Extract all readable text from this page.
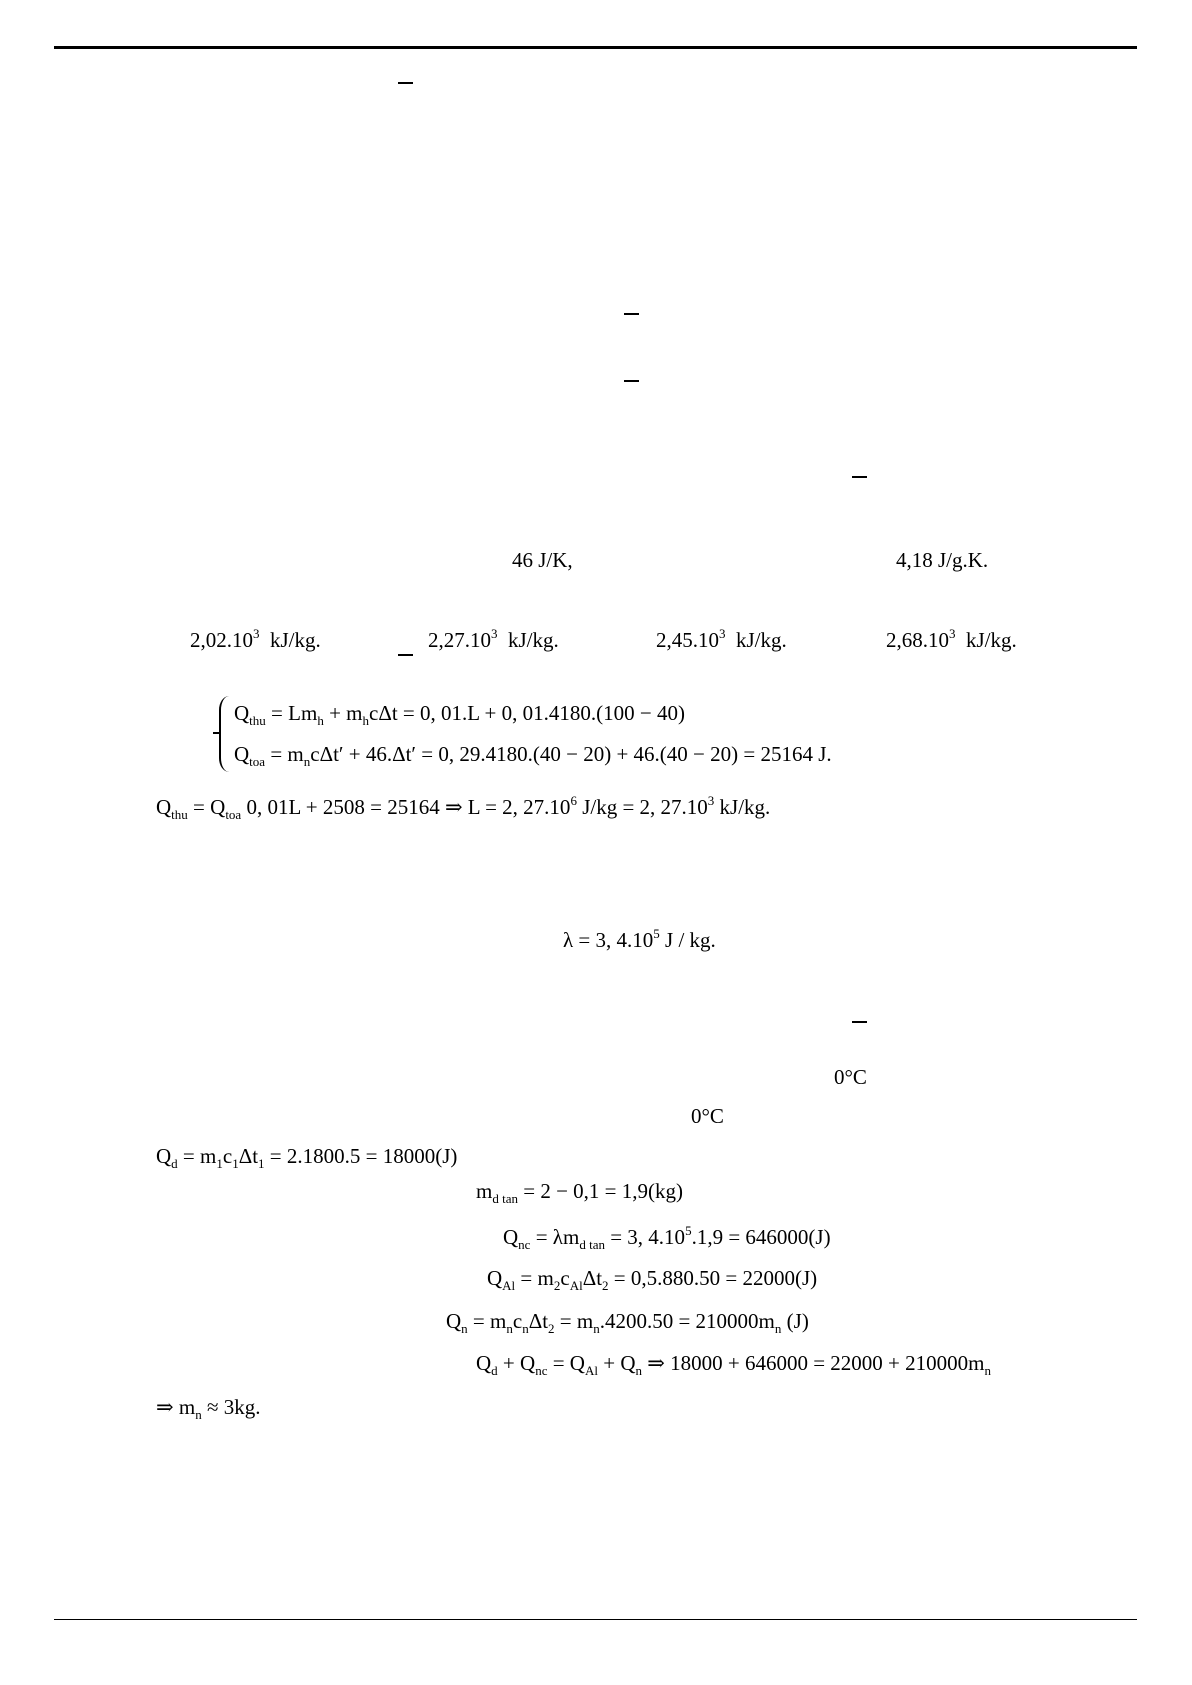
46 J/K,	4,18 J/g.K.
2,02.10$^3$ kJ/kg.	2,27.10$^3$ kJ/kg.	2,45.10$^3$ kJ/kg.	2,68.10$^3$ kJ/kg.
$Q_{thu} = Lm_h + m_hc\Delta t = 0$, 01.L + 0, 01.4180.(100 − 40)
$Q_{toa} = m_nc\Delta t' + 46.\Delta t' = 0$, 29.4180.(40 − 20) + 46.(40 − 20) = 25164 J.
$Q_{thu} = Q_{toa}$ 0, 01L + 2508 = 25164 ⇒ L = 2, 27.10$^6$ J/kg = 2, 27.10$^3$ kJ/kg.
λ = 3, 4.10$^5$ J / kg.
0°C
0°C
$Q_d = m_1c_1\Delta t_1 = 2.1800.5 = 18000(J)$
$m_{d tan} = 2 - 0,1 = 1,9(kg)$
$Q_{nc} = \lambda m_{d tan} = 3$, $4.10^5.1,9 = 646000(J)$
$Q_{Al} = m_2c_{Al}\Delta t_2 = 0,5.880.50 = 22000(J)$
$Q_n = m_nc_n\Delta t_2 = m_n.4200.50 = 210000m_n$ (J)
$Q_d + Q_{nc} = Q_{Al} + Q_n$ ⇒ $18000 + 646000 = 22000 + 210000m_n$
⇒ $m_n \approx 3kg$.
